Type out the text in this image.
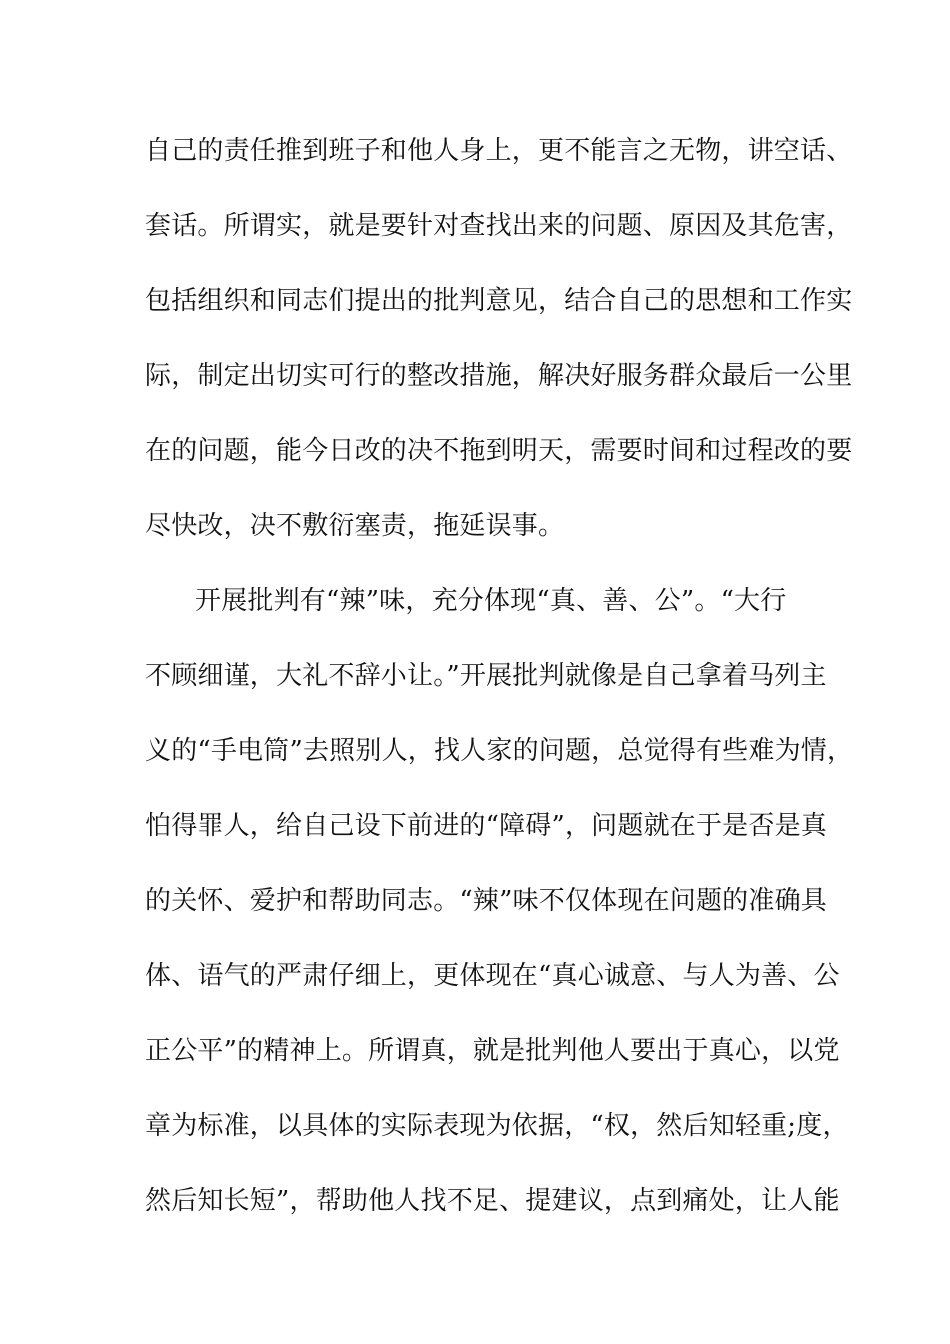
自己的责任推到班子和他人身上，更不能言之无物，讲空话、
套话。所谓实，就是要针对查找出来的问题、原因及其危害，
包括组织和同志们提出的批判意见，结合自己的思想和工作实
际，制定出切实可行的整改措施，解决好服务群众最后一公里
在的问题，能今日改的决不拖到明天，需要时间和过程改的要
尽快改，决不敷衍塞责，拖延误事。
开展批判有“辣”味，充分体现“真、善、公”。“大行
不顾细谨，大礼不辞小让。”开展批判就像是自己拿着马列主
义的“手电筒”去照别人，找人家的问题，总觉得有些难为情，
怕得罪人，给自己设下前进的“障碍”，问题就在于是否是真
的关怀、爱护和帮助同志。“辣”味不仅体现在问题的准确具
体、语气的严肃仔细上，更体现在“真心诚意、与人为善、公
正公平”的精神上。所谓真，就是批判他人要出于真心，以党
章为标准，以具体的实际表现为依据，“权，然后知轻重;度，
然后知长短”，帮助他人找不足、提建议，点到痛处，让人能
